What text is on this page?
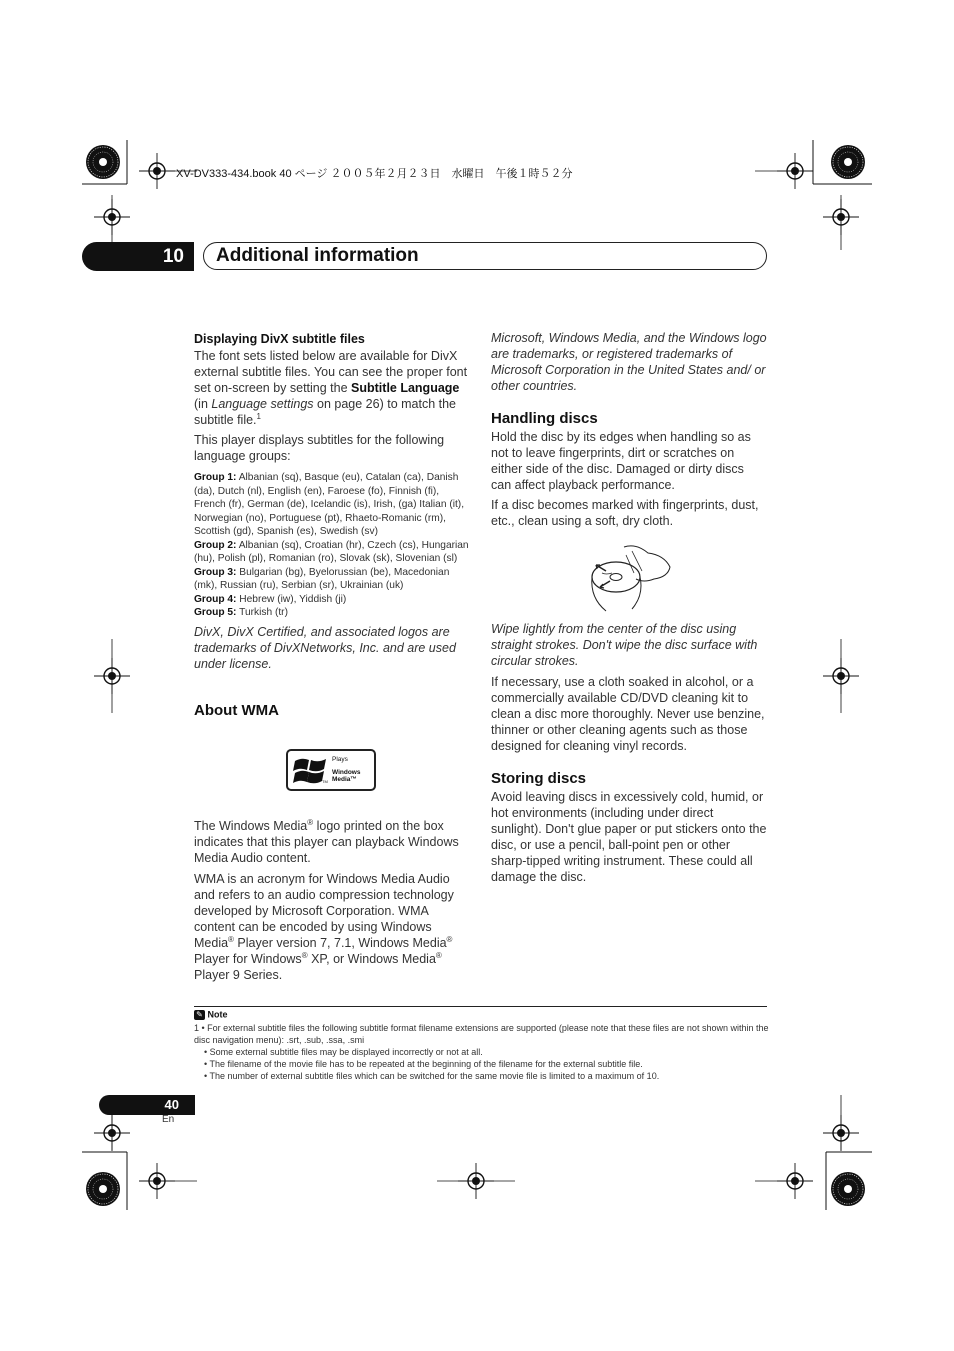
XV-DV333-434.book 40 ページ ２００５年２月２３日　水曜日　午後１時５２分
10	Additional information
Displaying DivX subtitle files

The font sets listed below are available for DivX external subtitle files. You can see the proper font set on-screen by setting the Subtitle Language (in Language settings on page 26) to match the subtitle file.$^1$

This player displays subtitles for the following language groups:

Group 1: Albanian (sq), Basque (eu), Catalan (ca), Danish (da), Dutch (nl), English (en), Faroese (fo), Finnish (fi), French (fr), German (de), Icelandic (is), Irish, (ga) Italian (it), Norwegian (no), Portuguese (pt), Rhaeto-Romanic (rm), Scottish (gd), Spanish (es), Swedish (sv)
Group 2: Albanian (sq), Croatian (hr), Czech (cs), Hungarian (hu), Polish (pl), Romanian (ro), Slovak (sk), Slovenian (sl)
Group 3: Bulgarian (bg), Byelorussian (be), Macedonian (mk), Russian (ru), Serbian (sr), Ukrainian (uk)
Group 4: Hebrew (iw), Yiddish (ji)
Group 5: Turkish (tr)

DivX, DivX Certified, and associated logos are trademarks of DivXNetworks, Inc. and are used under license.

About WMA
TM
Plays
Windows
Media™

The Windows Media® logo printed on the box indicates that this player can playback Windows Media Audio content.

WMA is an acronym for Windows Media Audio and refers to an audio compression technology developed by Microsoft Corporation. WMA content can be encoded by using Windows Media® Player version 7, 7.1, Windows Media® Player for Windows® XP, or Windows Media® Player 9 Series.

Microsoft, Windows Media, and the Windows logo are trademarks, or registered trademarks of Microsoft Corporation in the United States and/ or other countries.

Handling discs

Hold the disc by its edges when handling so as not to leave fingerprints, dirt or scratches on either side of the disc. Damaged or dirty discs can affect playback performance.

If a disc becomes marked with fingerprints, dust, etc., clean using a soft, dry cloth.

Wipe lightly from the center of the disc using straight strokes. Don't wipe the disc surface with circular strokes.

If necessary, use a cloth soaked in alcohol, or a commercially available CD/DVD cleaning kit to clean a disc more thoroughly. Never use benzine, thinner or other cleaning agents such as those designed for cleaning vinyl records.

Storing discs

Avoid leaving discs in excessively cold, humid, or hot environments (including under direct sunlight). Don't glue paper or put stickers onto the disc, or use a pencil, ball-point pen or other sharp-tipped writing instrument. These could all damage the disc.

✎ Note
1 • For external subtitle files the following subtitle format filename extensions are supported (please note that these files are not shown within the disc navigation menu): .srt, .sub, .ssa, .smi
• Some external subtitle files may be displayed incorrectly or not at all.
• The filename of the movie file has to be repeated at the beginning of the filename for the external subtitle file.
• The number of external subtitle files which can be switched for the same movie file is limited to a maximum of 10.
40
En
